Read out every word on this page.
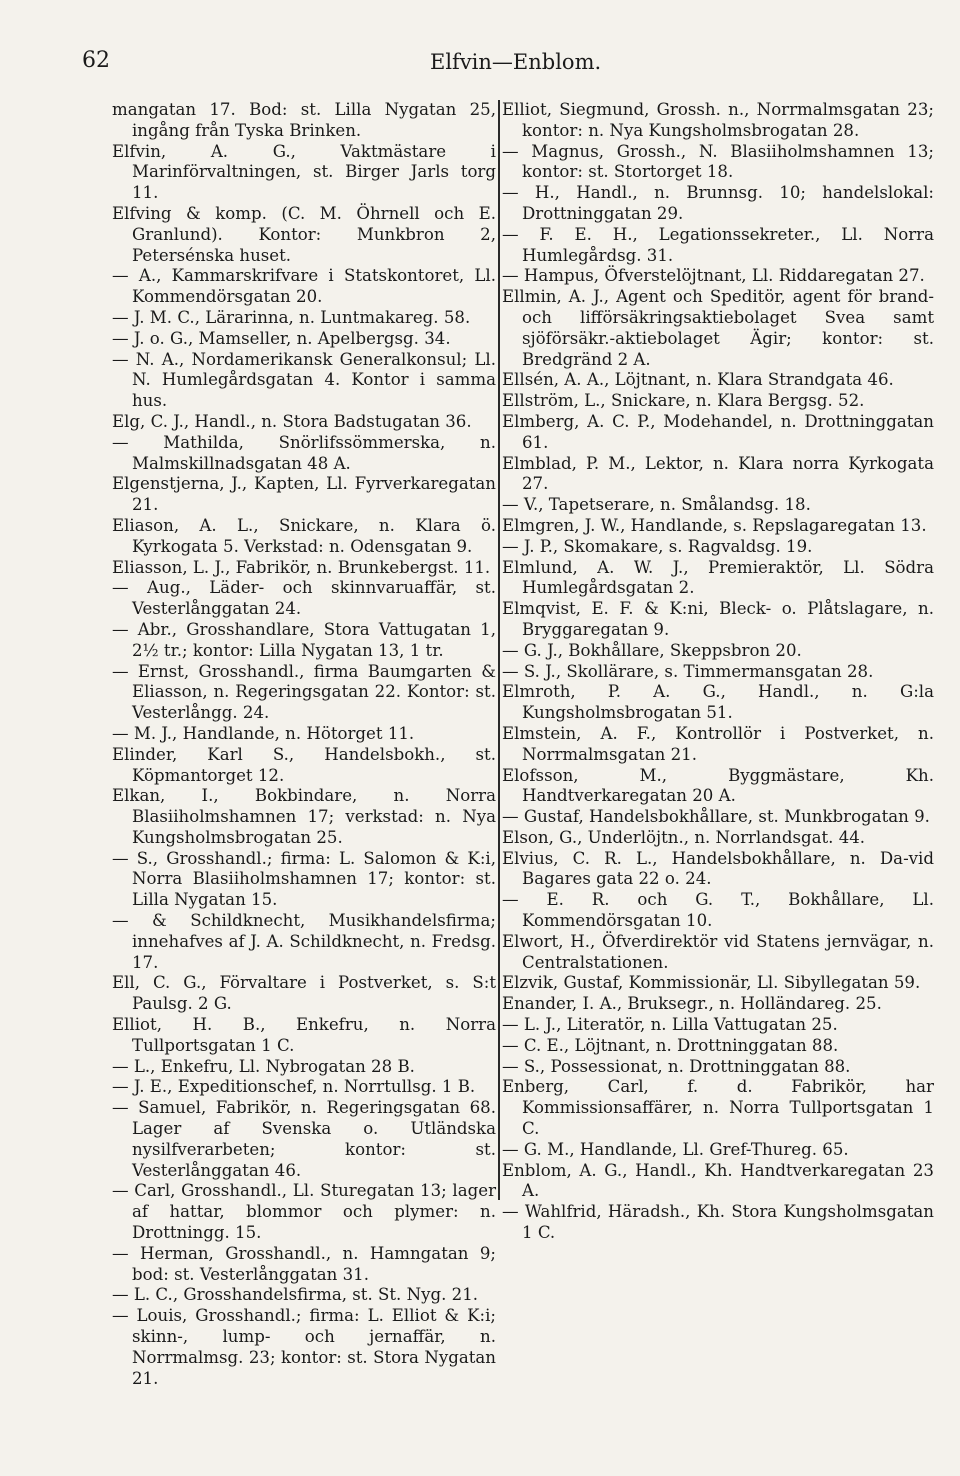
62	Elfvin—Enblom.

mangatan 17. Bod: st. Lilla Nygatan 25, ingång från Tyska Brinken.

Elfvin, A. G., Vaktmästare i Marinförvaltningen, st. Birger Jarls torg 11.

Elfving & komp. (C. M. Öhrnell och E. Granlund). Kontor: Munkbron 2, Petersénska huset.

— A., Kammarskrifvare i Statskontoret, Ll. Kommendörsgatan 20.

— J. M. C., Lärarinna, n. Luntmakareg. 58.

— J. o. G., Mamseller, n. Apelbergsg. 34.

— N. A., Nordamerikansk Generalkonsul; Ll. N. Humlegårdsgatan 4. Kontor i samma hus.

Elg, C. J., Handl., n. Stora Badstugatan 36.

— Mathilda, Snörlifssömmerska, n. Malmskillnadsgatan 48 A.

Elgenstjerna, J., Kapten, Ll. Fyrverkaregatan 21.

Eliason, A. L., Snickare, n. Klara ö. Kyrkogata 5. Verkstad: n. Odensgatan 9.

Eliasson, L. J., Fabrikör, n. Brunkebergst. 11.

— Aug., Läder- och skinnvaruaffär, st. Vesterlånggatan 24.

— Abr., Grosshandlare, Stora Vattugatan 1, 2½ tr.; kontor: Lilla Nygatan 13, 1 tr.

— Ernst, Grosshandl., firma Baumgarten & Eliasson, n. Regeringsgatan 22. Kontor: st. Vesterlångg. 24.

— M. J., Handlande, n. Hötorget 11.

Elinder, Karl S., Handelsbokh., st. Köpmantorget 12.

Elkan, I., Bokbindare, n. Norra Blasiiholmshamnen 17; verkstad: n. Nya Kungsholmsbrogatan 25.

— S., Grosshandl.; firma: L. Salomon & K:i, Norra Blasiiholmshamnen 17; kontor: st. Lilla Nygatan 15.

— & Schildknecht, Musikhandelsfirma; innehafves af J. A. Schildknecht, n. Fredsg. 17.

Ell, C. G., Förvaltare i Postverket, s. S:t Paulsg. 2 G.

Elliot, H. B., Enkefru, n. Norra Tullportsgatan 1 C.

— L., Enkefru, Ll. Nybrogatan 28 B.

— J. E., Expeditionschef, n. Norrtullsg. 1 B.

— Samuel, Fabrikör, n. Regeringsgatan 68. Lager af Svenska o. Utländska nysilfverarbeten; kontor: st. Vesterlånggatan 46.

— Carl, Grosshandl., Ll. Sturegatan 13; lager af hattar, blommor och plymer: n. Drottningg. 15.

— Herman, Grosshandl., n. Hamngatan 9; bod: st. Vesterlånggatan 31.

— L. C., Grosshandelsfirma, st. St. Nyg. 21.

— Louis, Grosshandl.; firma: L. Elliot & K:i; skinn-, lump- och jernaffär, n. Norrmalmsg. 23; kontor: st. Stora Nygatan 21.

Elliot, Siegmund, Grossh. n., Norrmalmsgatan 23; kontor: n. Nya Kungsholmsbrogatan 28.

— Magnus, Grossh., N. Blasiiholmshamnen 13; kontor: st. Stortorget 18.

— H., Handl., n. Brunnsg. 10; handelslokal: Drottninggatan 29.

— F. E. H., Legationssekreter., Ll. Norra Humlegårdsg. 31.

— Hampus, Öfverstelöjtnant, Ll. Riddaregatan 27.

Ellmin, A. J., Agent och Speditör, agent för brand- och lifförsäkringsaktiebolaget Svea samt sjöförsäkr.-aktiebolaget Ägir; kontor: st. Bredgränd 2 A.

Ellsén, A. A., Löjtnant, n. Klara Strandgata 46.

Ellström, L., Snickare, n. Klara Bergsg. 52.

Elmberg, A. C. P., Modehandel, n. Drottninggatan 61.

Elmblad, P. M., Lektor, n. Klara norra Kyrkogata 27.

— V., Tapetserare, n. Smålandsg. 18.

Elmgren, J. W., Handlande, s. Repslagaregatan 13.

— J. P., Skomakare, s. Ragvaldsg. 19.

Elmlund, A. W. J., Premieraktör, Ll. Södra Humlegårdsgatan 2.

Elmqvist, E. F. & K:ni, Bleck- o. Plåtslagare, n. Bryggaregatan 9.

— G. J., Bokhållare, Skeppsbron 20.

— S. J., Skollärare, s. Timmermansgatan 28.

Elmroth, P. A. G., Handl., n. G:la Kungsholmsbrogatan 51.

Elmstein, A. F., Kontrollör i Postverket, n. Norrmalmsgatan 21.

Elofsson, M., Byggmästare, Kh. Handtverkaregatan 20 A.

— Gustaf, Handelsbokhållare, st. Munkbrogatan 9.

Elson, G., Underlöjtn., n. Norrlandsgat. 44.

Elvius, C. R. L., Handelsbokhållare, n. Da-vid Bagares gata 22 o. 24.

— E. R. och G. T., Bokhållare, Ll. Kommendörsgatan 10.

Elwort, H., Öfverdirektör vid Statens jernvägar, n. Centralstationen.

Elzvik, Gustaf, Kommissionär, Ll. Sibyllegatan 59.

Enander, I. A., Bruksegr., n. Holländareg. 25.

— L. J., Literatör, n. Lilla Vattugatan 25.

— C. E., Löjtnant, n. Drottninggatan 88.

— S., Possessionat, n. Drottninggatan 88.

Enberg, Carl, f. d. Fabrikör, har Kommissionsaffärer, n. Norra Tullportsgatan 1 C.

— G. M., Handlande, Ll. Gref-Thureg. 65.

Enblom, A. G., Handl., Kh. Handtverkaregatan 23 A.

— Wahlfrid, Häradsh., Kh. Stora Kungsholmsgatan 1 C.
